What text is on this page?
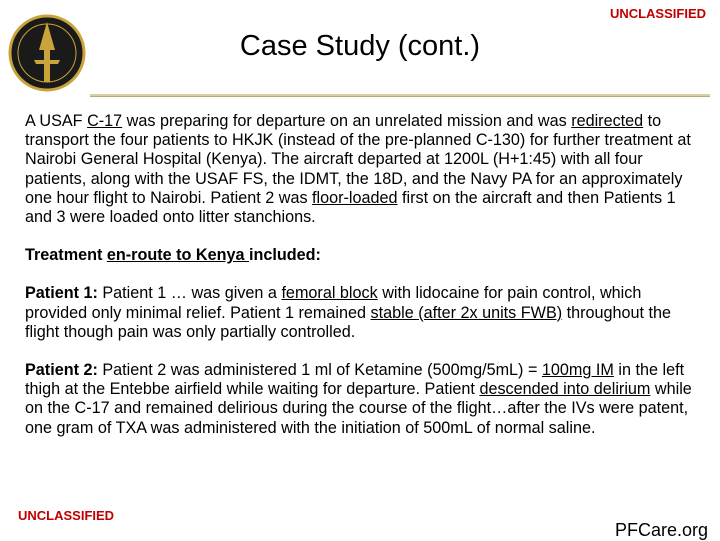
UNCLASSIFIED
Case Study (cont.)

A USAF C-17 was preparing for departure on an unrelated mission and was redirected to transport the four patients to HKJK (instead of the pre-planned C-130) for further treatment at Nairobi General Hospital (Kenya). The aircraft departed at 1200L (H+1:45) with all four patients, along with the USAF FS, the IDMT, the 18D, and the Navy PA for an approximately one hour flight to Nairobi. Patient 2 was floor-loaded first on the aircraft and then Patients 1 and 3 were loaded onto litter stanchions.

Treatment en-route to Kenya included:

Patient 1: Patient 1 … was given a femoral block with lidocaine for pain control, which provided only minimal relief. Patient 1 remained stable (after 2x units FWB) throughout the flight though pain was only partially controlled.

Patient 2: Patient 2 was administered 1 ml of Ketamine (500mg/5mL) = 100mg IM in the left thigh at the Entebbe airfield while waiting for departure. Patient descended into delirium while on the C-17 and remained delirious during the course of the flight…after the IVs were patent, one gram of TXA was administered with the initiation of 500mL of normal saline.

UNCLASSIFIED
PFCare.org
